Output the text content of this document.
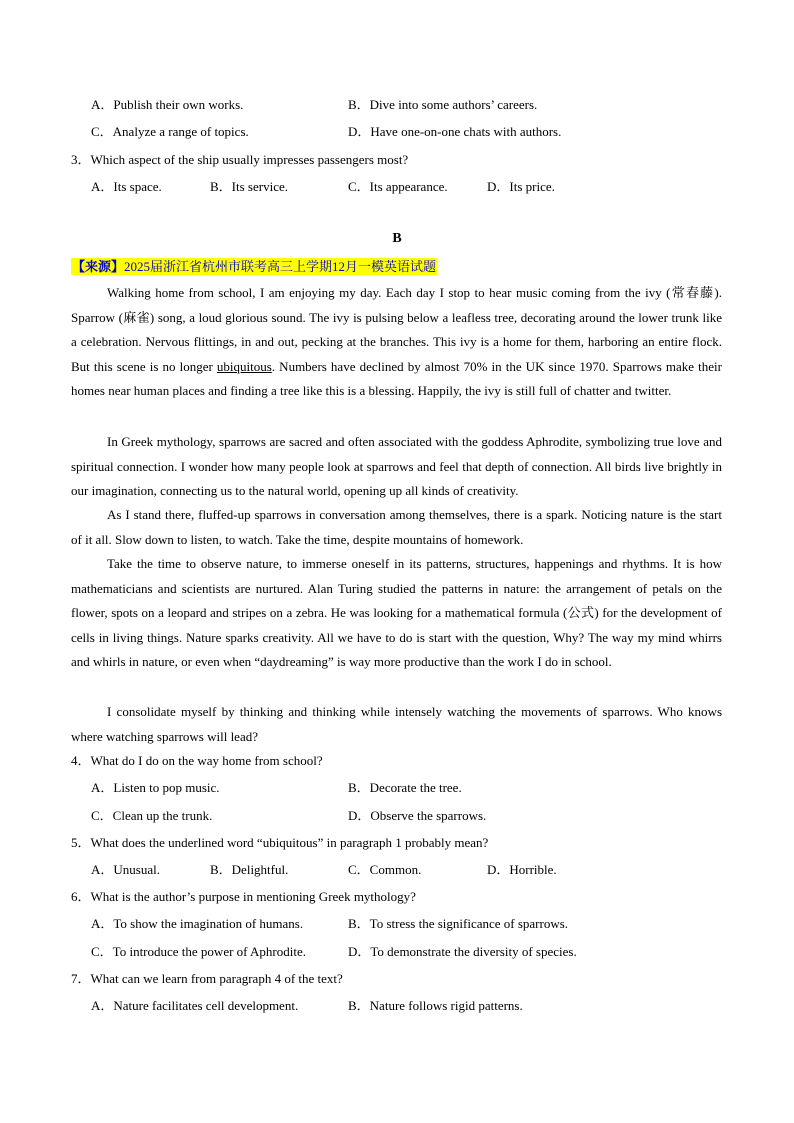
A．Publish their own works.	B．Dive into some authors’ careers.
C．Analyze a range of topics.	D．Have one-on-one chats with authors.
3．Which aspect of the ship usually impresses passengers most?
A．Its space.	B．Its service.	C．Its appearance.	D．Its price.
B
【来源】2025届浙江省杭州市联考高三上学期12月一模英语试题
Walking home from school, I am enjoying my day. Each day I stop to hear music coming from the ivy (常春藤). Sparrow (麻雀) song, a loud glorious sound. The ivy is pulsing below a leafless tree, decorating around the lower trunk like a celebration. Nervous flittings, in and out, pecking at the branches. This ivy is a home for them, harboring an entire flock. But this scene is no longer ubiquitous. Numbers have declined by almost 70% in the UK since 1970. Sparrows make their homes near human places and finding a tree like this is a blessing. Happily, the ivy is still full of chatter and twitter.
In Greek mythology, sparrows are sacred and often associated with the goddess Aphrodite, symbolizing true love and spiritual connection. I wonder how many people look at sparrows and feel that depth of connection. All birds live brightly in our imagination, connecting us to the natural world, opening up all kinds of creativity.
As I stand there, fluffed-up sparrows in conversation among themselves, there is a spark. Noticing nature is the start of it all. Slow down to listen, to watch. Take the time, despite mountains of homework.
Take the time to observe nature, to immerse oneself in its patterns, structures, happenings and rhythms. It is how mathematicians and scientists are nurtured. Alan Turing studied the patterns in nature: the arrangement of petals on the flower, spots on a leopard and stripes on a zebra. He was looking for a mathematical formula (公式) for the development of cells in living things. Nature sparks creativity. All we have to do is start with the question, Why? The way my mind whirrs and whirls in nature, or even when “daydreaming” is way more productive than the work I do in school.
I consolidate myself by thinking and thinking while intensely watching the movements of sparrows. Who knows where watching sparrows will lead?
4．What do I do on the way home from school?
A．Listen to pop music.	B．Decorate the tree.
C．Clean up the trunk.	D．Observe the sparrows.
5．What does the underlined word “ubiquitous” in paragraph 1 probably mean?
A．Unusual.	B．Delightful.	C．Common.	D．Horrible.
6．What is the author’s purpose in mentioning Greek mythology?
A．To show the imagination of humans.	B．To stress the significance of sparrows.
C．To introduce the power of Aphrodite.	D．To demonstrate the diversity of species.
7．What can we learn from paragraph 4 of the text?
A．Nature facilitates cell development.	B．Nature follows rigid patterns.
